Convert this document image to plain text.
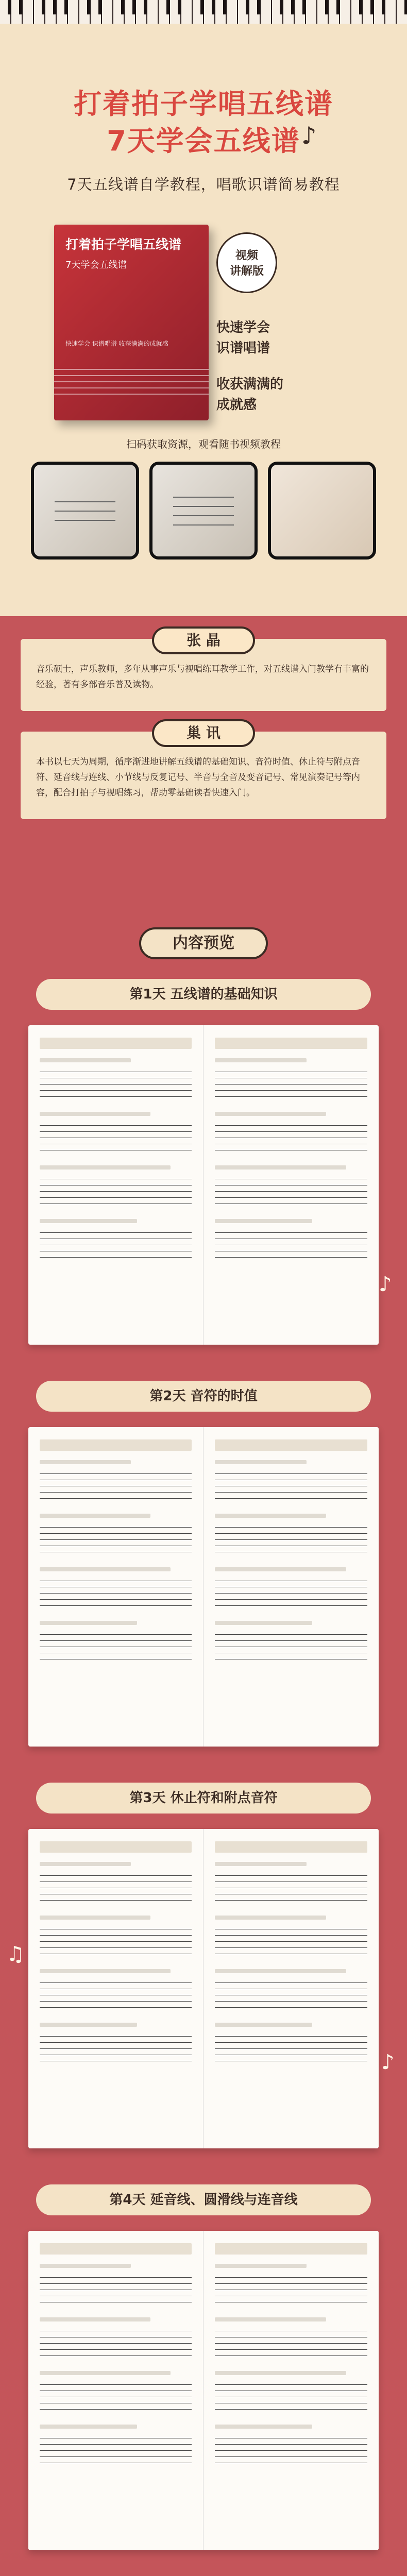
打着拍子学唱五线谱
7天学会五线谱 ♪
7天五线谱自学教程，唱歌识谱简易教程
打着拍子学唱五线谱
7天学会五线谱
快速学会 识谱唱谱 收获满满的成就感
视频
讲解版
快速学会
识谱唱谱
收获满满的
成就感
扫码获取资源，观看随书视频教程
张 晶
音乐硕士，声乐教师，多年从事声乐与视唱练耳教学工作，对五线谱入门教学有丰富的经验，著有多部音乐普及读物。
巢 讯
本书以七天为周期，循序渐进地讲解五线谱的基础知识、音符时值、休止符与附点音符、延音线与连线、小节线与反复记号、半音与全音及变音记号、常见演奏记号等内容，配合打拍子与视唱练习，帮助零基础读者快速入门。
内容预览
第1天 五线谱的基础知识
第2天 音符的时值
第3天 休止符和附点音符
第4天 延音线、圆滑线与连音线
♪
♫
♪
